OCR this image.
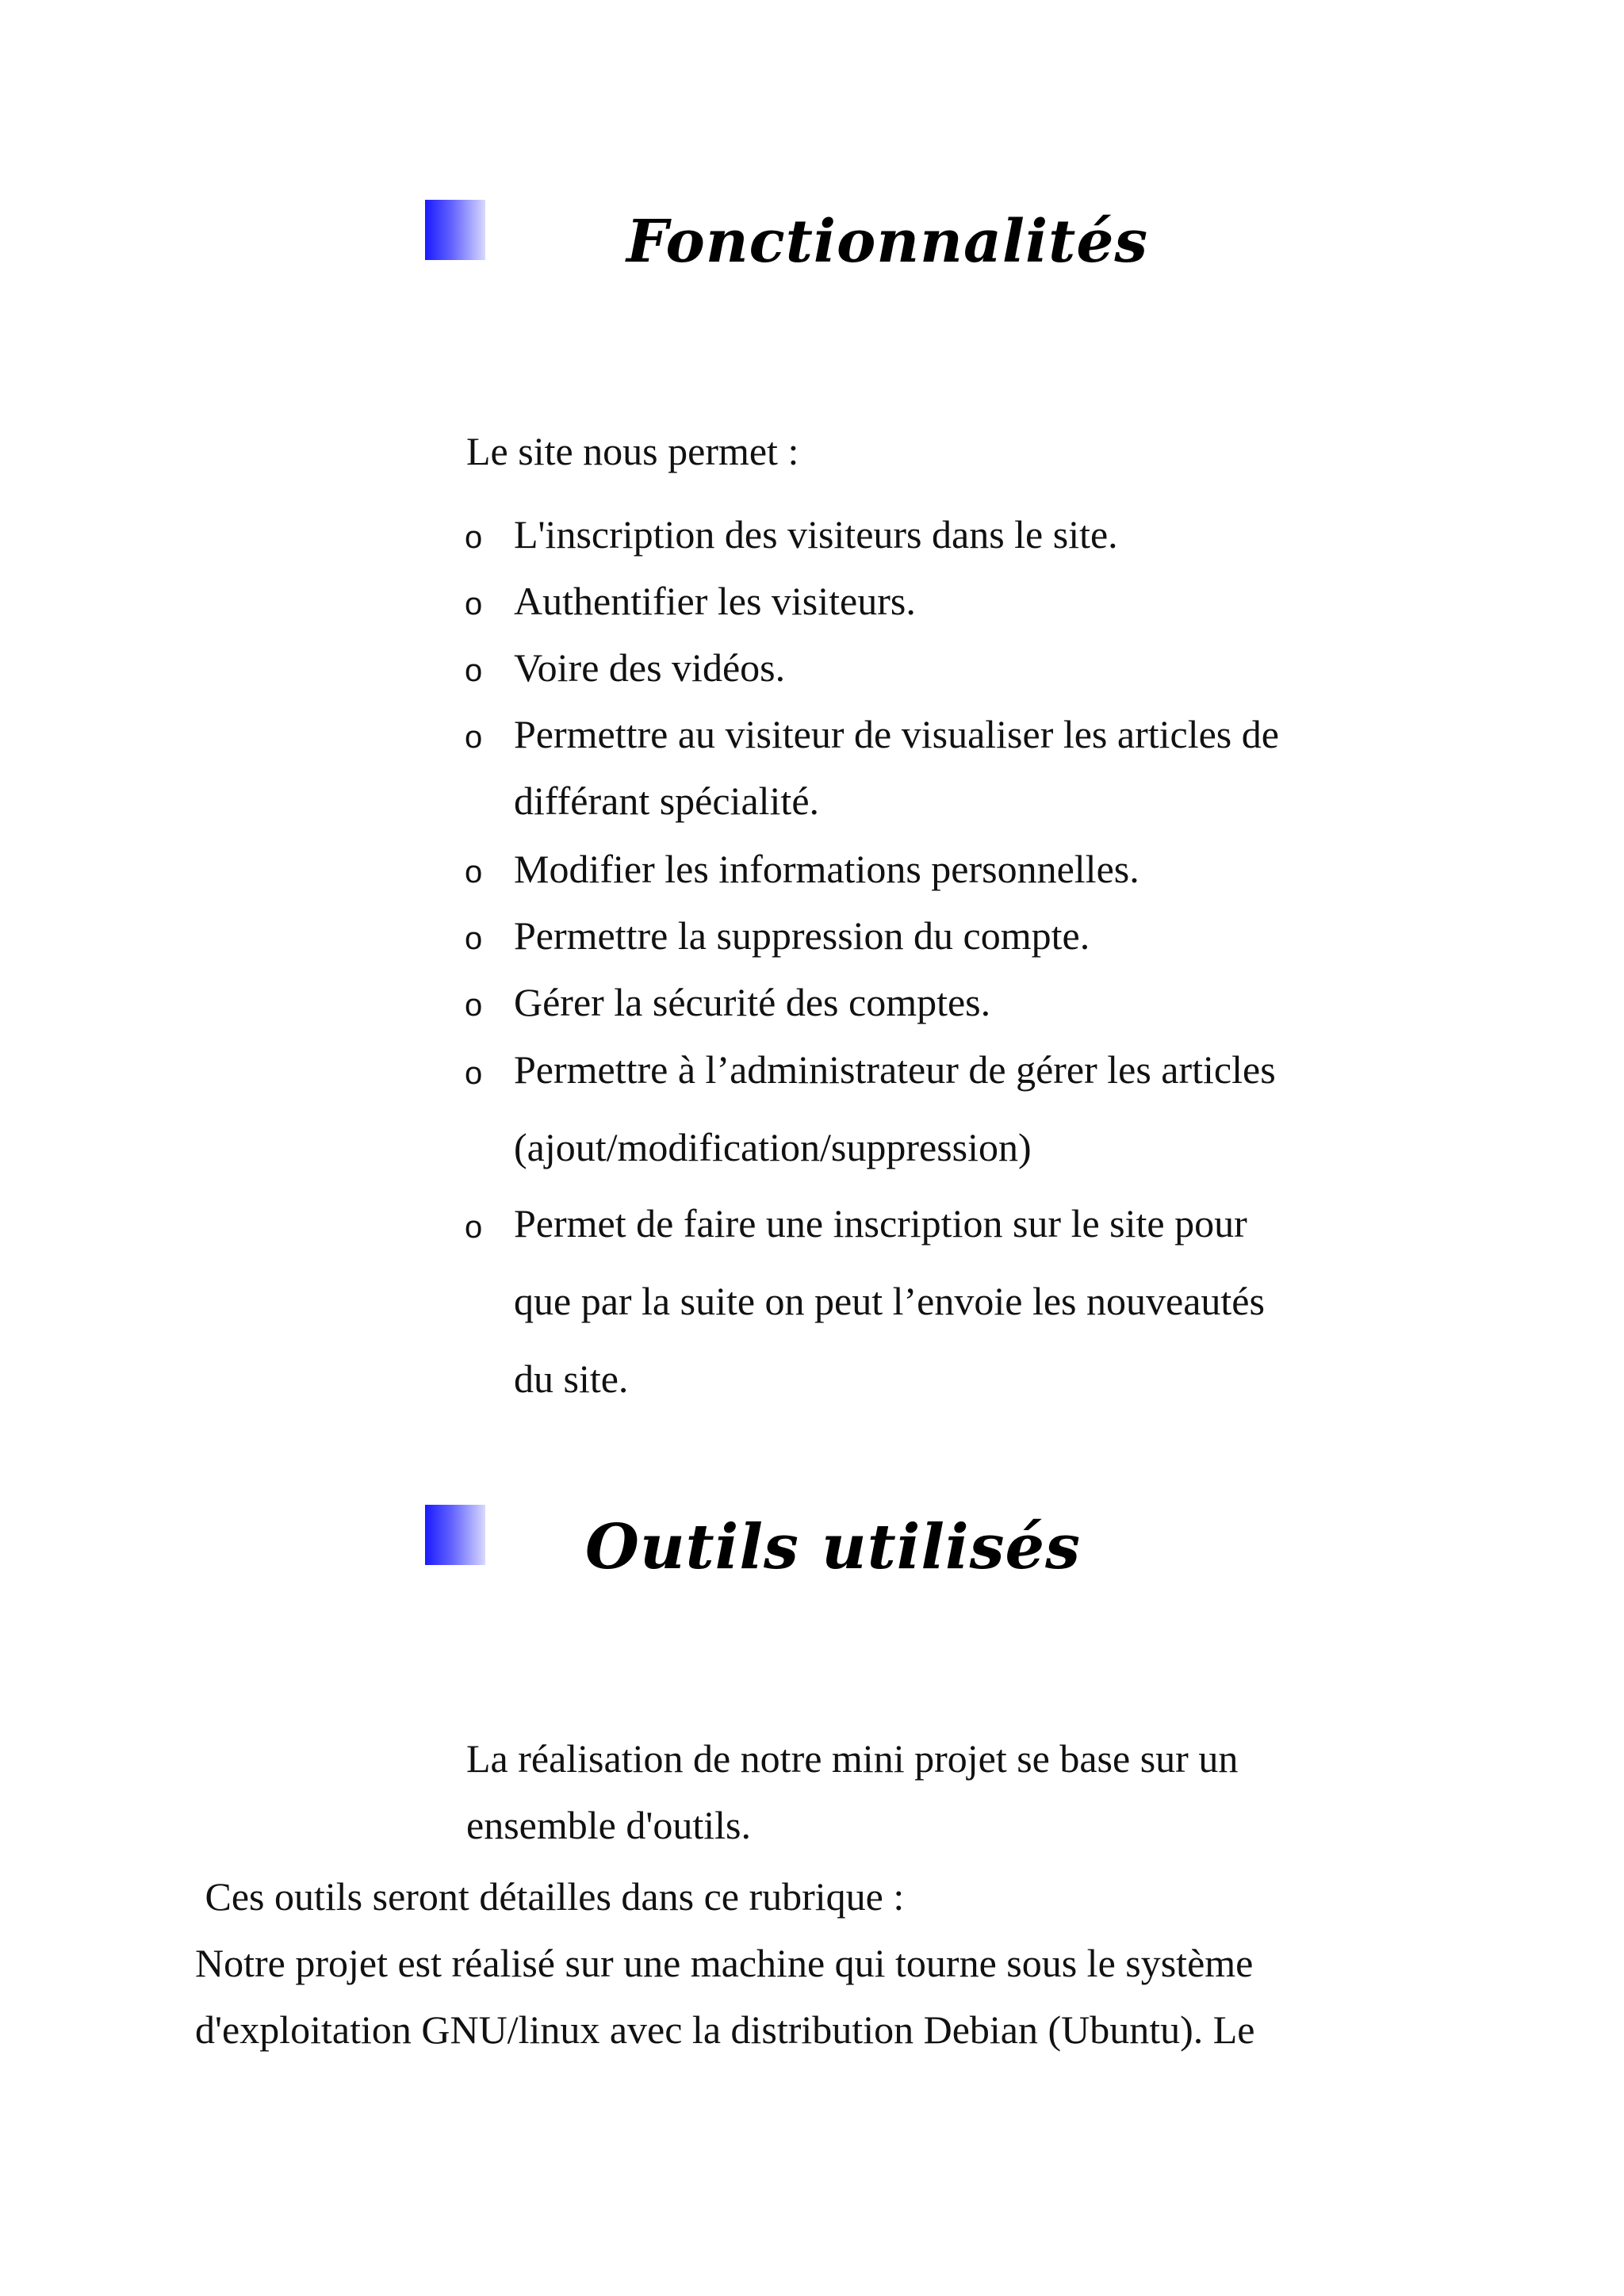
Fonctionnalités

Le site nous permet :

o L'inscription des visiteurs dans le site.
o Authentifier les visiteurs.
o Voire des vidéos.
o Permettre au visiteur de visualiser les articles de
différant spécialité.
o Modifier les informations personnelles.
o Permettre la suppression du compte.
o Gérer la sécurité des comptes.
o Permettre à l’administrateur de gérer les articles
(ajout/modification/suppression)
o Permet de faire une inscription sur le site pour
que par la suite on peut l’envoie les nouveautés
du site.
Outils utilisés
La réalisation de notre mini projet se base sur un
ensemble d'outils.

Ces outils seront détailles dans ce rubrique :

Notre projet est réalisé sur une machine qui tourne sous le système
d'exploitation GNU/linux avec la distribution Debian (Ubuntu). Le
